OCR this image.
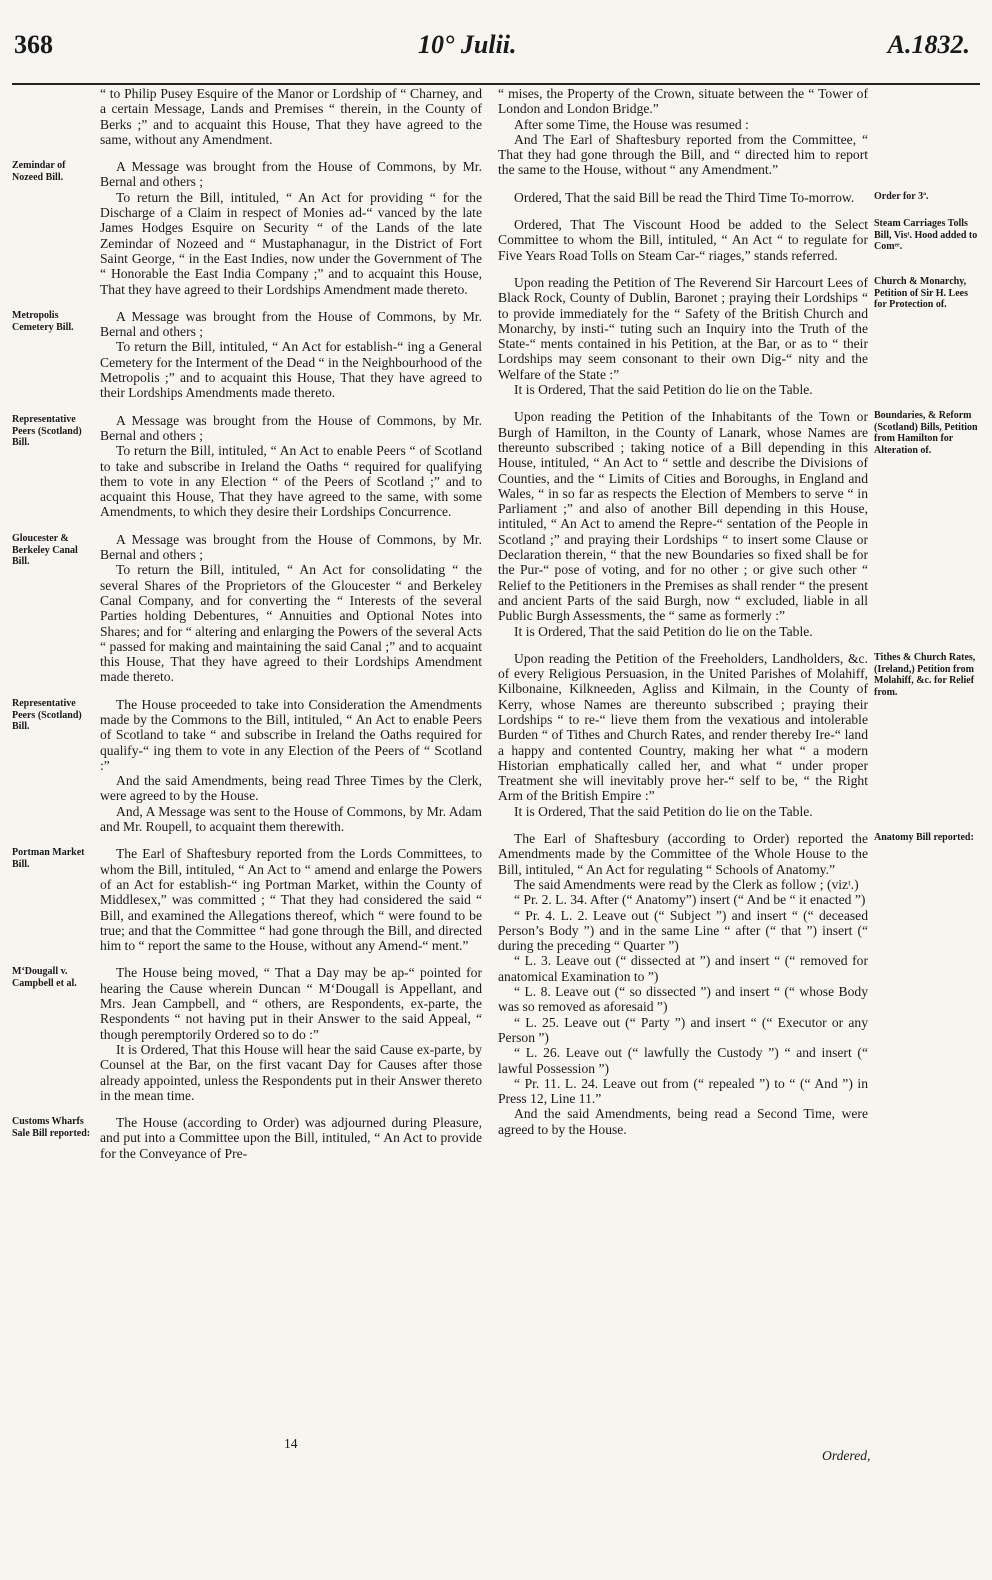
368	10° Julii.	A.1832.

“ to Philip Pusey Esquire of the Manor or Lordship of “ Charney, and a certain Message, Lands and Premises “ therein, in the County of Berks ;” and to acquaint this House, That they have agreed to the same, without any Amendment.

A Message was brought from the House of Commons, by Mr. Bernal and others ;

To return the Bill, intituled, “ An Act for providing “ for the Discharge of a Claim in respect of Monies ad-“ vanced by the late James Hodges Esquire on Security “ of the Lands of the late Zemindar of Nozeed and “ Mustaphanagur, in the District of Fort Saint George, “ in the East Indies, now under the Government of The “ Honorable the East India Company ;” and to acquaint this House, That they have agreed to their Lordships Amendment made thereto.

A Message was brought from the House of Commons, by Mr. Bernal and others ;

To return the Bill, intituled, “ An Act for establish-“ ing a General Cemetery for the Interment of the Dead “ in the Neighbourhood of the Metropolis ;” and to acquaint this House, That they have agreed to their Lordships Amendments made thereto.

A Message was brought from the House of Commons, by Mr. Bernal and others ;

To return the Bill, intituled, “ An Act to enable Peers “ of Scotland to take and subscribe in Ireland the Oaths “ required for qualifying them to vote in any Election “ of the Peers of Scotland ;” and to acquaint this House, That they have agreed to the same, with some Amendments, to which they desire their Lordships Concurrence.

A Message was brought from the House of Commons, by Mr. Bernal and others ;

To return the Bill, intituled, “ An Act for consolidating “ the several Shares of the Proprietors of the Gloucester “ and Berkeley Canal Company, and for converting the “ Interests of the several Parties holding Debentures, “ Annuities and Optional Notes into Shares; and for “ altering and enlarging the Powers of the several Acts “ passed for making and maintaining the said Canal ;” and to acquaint this House, That they have agreed to their Lordships Amendment made thereto.

The House proceeded to take into Consideration the Amendments made by the Commons to the Bill, intituled, “ An Act to enable Peers of Scotland to take “ and subscribe in Ireland the Oaths required for qualify-“ ing them to vote in any Election of the Peers of “ Scotland :”

And the said Amendments, being read Three Times by the Clerk, were agreed to by the House.

And, A Message was sent to the House of Commons, by Mr. Adam and Mr. Roupell, to acquaint them therewith.

The Earl of Shaftesbury reported from the Lords Committees, to whom the Bill, intituled, “ An Act to “ amend and enlarge the Powers of an Act for establish-“ ing Portman Market, within the County of Middlesex,” was committed ; “ That they had considered the said “ Bill, and examined the Allegations thereof, which “ were found to be true; and that the Committee “ had gone through the Bill, and directed him to “ report the same to the House, without any Amend-“ ment.”

The House being moved, “ That a Day may be ap-“ pointed for hearing the Cause wherein Duncan “ M‘Dougall is Appellant, and Mrs. Jean Campbell, and “ others, are Respondents, ex-parte, the Respondents “ not having put in their Answer to the said Appeal, “ though peremptorily Ordered so to do :”

It is Ordered, That this House will hear the said Cause ex-parte, by Counsel at the Bar, on the first vacant Day for Causes after those already appointed, unless the Respondents put in their Answer thereto in the mean time.

The House (according to Order) was adjourned during Pleasure, and put into a Committee upon the Bill, intituled, “ An Act to provide for the Conveyance of Pre-

“ mises, the Property of the Crown, situate between the “ Tower of London and London Bridge.”

After some Time, the House was resumed :

And The Earl of Shaftesbury reported from the Committee, “ That they had gone through the Bill, and “ directed him to report the same to the House, without “ any Amendment.”

Ordered, That the said Bill be read the Third Time To-morrow.

Ordered, That The Viscount Hood be added to the Select Committee to whom the Bill, intituled, “ An Act “ to regulate for Five Years Road Tolls on Steam Car-“ riages,” stands referred.

Upon reading the Petition of The Reverend Sir Harcourt Lees of Black Rock, County of Dublin, Baronet ; praying their Lordships “ to provide immediately for the “ Safety of the British Church and Monarchy, by insti-“ tuting such an Inquiry into the Truth of the State-“ ments contained in his Petition, at the Bar, or as to “ their Lordships may seem consonant to their own Dig-“ nity and the Welfare of the State :”

It is Ordered, That the said Petition do lie on the Table.

Upon reading the Petition of the Inhabitants of the Town or Burgh of Hamilton, in the County of Lanark, whose Names are thereunto subscribed ; taking notice of a Bill depending in this House, intituled, “ An Act to “ settle and describe the Divisions of Counties, and the “ Limits of Cities and Boroughs, in England and Wales, “ in so far as respects the Election of Members to serve “ in Parliament ;” and also of another Bill depending in this House, intituled, “ An Act to amend the Repre-“ sentation of the People in Scotland ;” and praying their Lordships “ to insert some Clause or Declaration therein, “ that the new Boundaries so fixed shall be for the Pur-“ pose of voting, and for no other ; or give such other “ Relief to the Petitioners in the Premises as shall render “ the present and ancient Parts of the said Burgh, now “ excluded, liable in all Public Burgh Assessments, the “ same as formerly :”

It is Ordered, That the said Petition do lie on the Table.

Upon reading the Petition of the Freeholders, Landholders, &c. of every Religious Persuasion, in the United Parishes of Molahiff, Kilbonaine, Kilkneeden, Agliss and Kilmain, in the County of Kerry, whose Names are thereunto subscribed ; praying their Lordships “ to re-“ lieve them from the vexatious and intolerable Burden “ of Tithes and Church Rates, and render thereby Ire-“ land a happy and contented Country, making her what “ a modern Historian emphatically called her, and what “ under proper Treatment she will inevitably prove her-“ self to be, “ the Right Arm of the British Empire :”

It is Ordered, That the said Petition do lie on the Table.

The Earl of Shaftesbury (according to Order) reported the Amendments made by the Committee of the Whole House to the Bill, intituled, “ An Act for regulating “ Schools of Anatomy.”

The said Amendments were read by the Clerk as follow ; (vizᵗ.)

“ Pr. 2. L. 34. After (“ Anatomy”) insert (“ And be “ it enacted ”)

“ Pr. 4. L. 2. Leave out (“ Subject ”) and insert “ (“ deceased Person’s Body ”) and in the same Line “ after (“ that ”) insert (“ during the preceding “ Quarter ”)

“ L. 3. Leave out (“ dissected at ”) and insert “ (“ removed for anatomical Examination to ”)

“ L. 8. Leave out (“ so dissected ”) and insert “ (“ whose Body was so removed as aforesaid ”)

“ L. 25. Leave out (“ Party ”) and insert “ (“ Executor or any Person ”)

“ L. 26. Leave out (“ lawfully the Custody ”) “ and insert (“ lawful Possession ”)

“ Pr. 11. L. 24. Leave out from (“ repealed ”) to “ (“ And ”) in Press 12, Line 11.”

And the said Amendments, being read a Second Time, were agreed to by the House.

Zemindar of Nozeed Bill.
Metropolis Cemetery Bill.
Representative Peers (Scotland) Bill.
Gloucester & Berkeley Canal Bill.
Representative Peers (Scotland) Bill.
Portman Market Bill.
M‘Dougall v. Campbell et al.
Customs Wharfs Sale Bill reported:
Order for 3ª.
Steam Carriages Tolls Bill, Visᵗ. Hood added to Comᵉᵉ.
Church & Monarchy, Petition of Sir H. Lees for Protection of.
Boundaries, & Reform (Scotland) Bills, Petition from Hamilton for Alteration of.
Tithes & Church Rates, (Ireland,) Petition from Molahiff, &c. for Relief from.
Anatomy Bill reported:
14
Ordered,
